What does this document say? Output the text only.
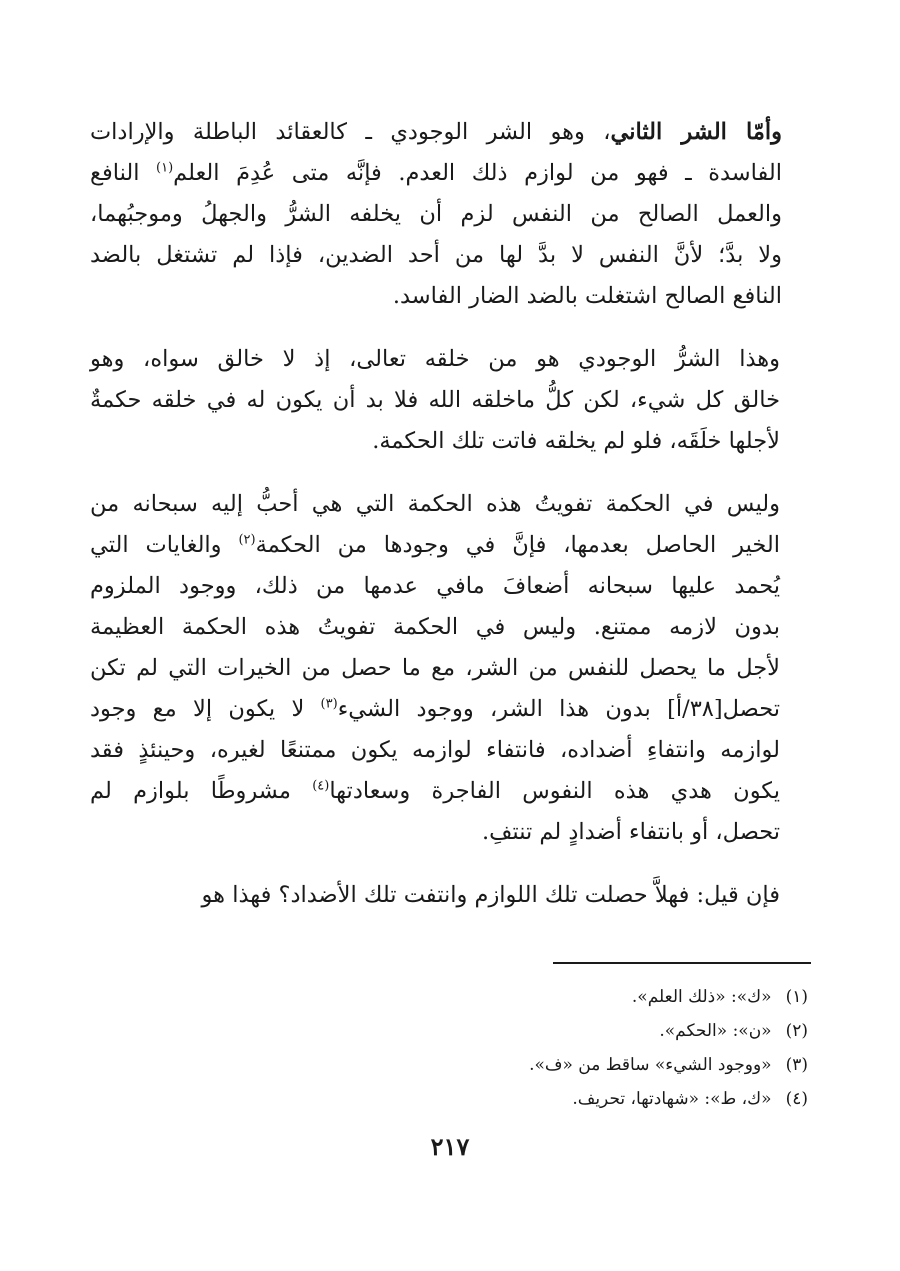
وأمّا الشر الثاني، وهو الشر الوجودي ـ كالعقائد الباطلة والإرادات
الفاسدة ـ فهو من لوازم ذلك العدم. فإنَّه متى عُدِمَ العلم$^{(١)}$ النافع
والعمل الصالح من النفس لزم أن يخلفه الشرُّ والجهلُ وموجبُهما،
ولا بدَّ؛ لأنَّ النفس لا بدَّ لها من أحد الضدين، فإذا لم تشتغل بالضد
النافع الصالح اشتغلت بالضد الضار الفاسد.

وهذا الشرُّ الوجودي هو من خلقه تعالى، إذ لا خالق سواه، وهو
خالق كل شيء، لكن كلُّ ماخلقه الله فلا بد أن يكون له في خلقه حكمةٌ
لأجلها خلَقَه، فلو لم يخلقه فاتت تلك الحكمة.

وليس في الحكمة تفويتُ هذه الحكمة التي هي أحبُّ إليه سبحانه من
الخير الحاصل بعدمها، فإنَّ في وجودها من الحكمة$^{(٢)}$ والغايات التي
يُحمد عليها سبحانه أضعافَ مافي عدمها من ذلك، ووجود الملزوم
بدون لازمه ممتنع. وليس في الحكمة تفويتُ هذه الحكمة العظيمة
لأجل ما يحصل للنفس من الشر، مع ما حصل من الخيرات التي لم تكن
تحصل[٣٨/أ] بدون هذا الشر، ووجود الشيء$^{(٣)}$ لا يكون إلا مع وجود
لوازمه وانتفاءِ أضداده، فانتفاء لوازمه يكون ممتنعًا لغيره، وحينئذٍ فقد
يكون هدي هذه النفوس الفاجرة وسعادتها$^{(٤)}$ مشروطًا بلوازم لم
تحصل، أو بانتفاء أضدادٍ لم تنتفِ.

فإن قيل: فهلاَّ حصلت تلك اللوازم وانتفت تلك الأضداد؟ فهذا هو

(١)«ك»: «ذلك العلم».
(٢)«ن»: «الحكم».
(٣)«ووجود الشيء» ساقط من «ف».
(٤)«ك، ط»: «شهادتها، تحريف.
٢١٧
